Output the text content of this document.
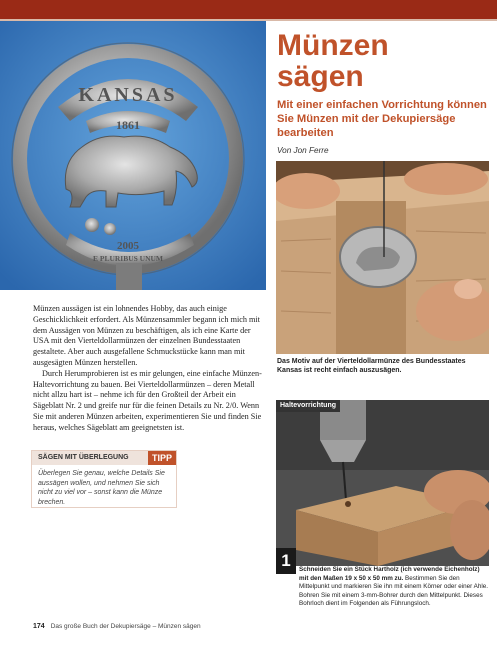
KANSAS
1861
2005
E PLURIBUS UNUM
Münzen
sägen
Mit einer einfachen Vorrichtung können Sie Münzen mit der Dekupiersäge bearbeiten
Von Jon Ferre
Das Motiv auf der Vierteldollarmünze des Bundesstaates Kansas ist recht einfach auszusägen.
Haltevorrichtung
1	Schneiden Sie ein Stück Hartholz (ich verwende Eichenholz) mit den Maßen 19 x 50 x 50 mm zu. Bestimmen Sie den Mittelpunkt und markieren Sie ihn mit einem Körner oder einer Ahle. Bohren Sie mit einem 3-mm-Bohrer durch den Mittelpunkt. Dieses Bohrloch dient im Folgenden als Führungsloch.

Münzen aussägen ist ein lohnendes Hobby, das auch einige Geschicklichkeit erfordert. Als Münzensammler begann ich mich mit dem Aussägen von Münzen zu beschäftigen, als ich eine Karte der USA mit den Vierteldollarmünzen der einzelnen Bundesstaaten gestaltete. Aber auch ausgefallene Schmuckstücke kann man mit ausgesägten Münzen herstellen.

Durch Herumprobieren ist es mir gelungen, eine einfache Münzen-Haltevorrichtung zu bauen. Bei Vierteldollarmünzen – deren Metall nicht allzu hart ist – nehme ich für den Großteil der Arbeit ein Sägeblatt Nr. 2 und greife nur für die feinen Details zu Nr. 2/0. Wenn Sie mit anderen Münzen arbeiten, experimentieren Sie und finden Sie heraus, welches Sägeblatt am geeignetsten ist.

SÄGEN MIT ÜBERLEGUNG	TIPP
Überlegen Sie genau, welche Details Sie aussägen wollen, und nehmen Sie sich nicht zu viel vor – sonst kann die Münze brechen.
174 Das große Buch der Dekupiersäge – Münzen sägen
